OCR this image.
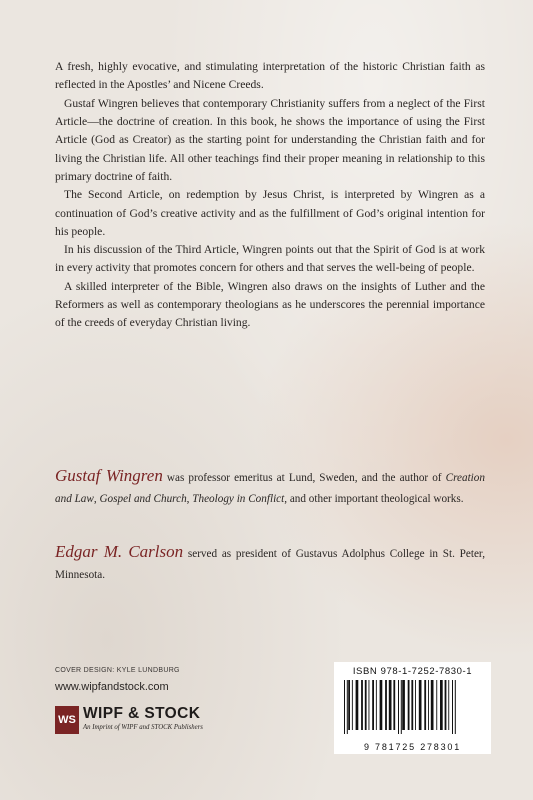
A fresh, highly evocative, and stimulating interpretation of the historic Christian faith as reflected in the Apostles’ and Nicene Creeds.

Gustaf Wingren believes that contemporary Christianity suffers from a neglect of the First Article—the doctrine of creation. In this book, he shows the importance of using the First Article (God as Creator) as the starting point for understanding the Christian faith and for living the Christian life. All other teachings find their proper meaning in relationship to this primary doctrine of faith.

The Second Article, on redemption by Jesus Christ, is interpreted by Wingren as a continuation of God’s creative activity and as the fulfillment of God’s original intention for his people.

In his discussion of the Third Article, Wingren points out that the Spirit of God is at work in every activity that promotes concern for others and that serves the well-being of people.

A skilled interpreter of the Bible, Wingren also draws on the insights of Luther and the Reformers as well as contemporary theologians as he underscores the perennial importance of the creeds of everyday Christian living.

Gustaf Wingren was professor emeritus at Lund, Sweden, and the author of Creation and Law, Gospel and Church, Theology in Conflict, and other important theological works.
Edgar M. Carlson served as president of Gustavus Adolphus College in St. Peter, Minnesota.
COVER DESIGN: KYLE LUNDBURG
www.wipfandstock.com
WS WIPF & STOCK
An Imprint of WIPF and STOCK Publishers
ISBN 978-1-7252-7830-1
9 781725 278301
